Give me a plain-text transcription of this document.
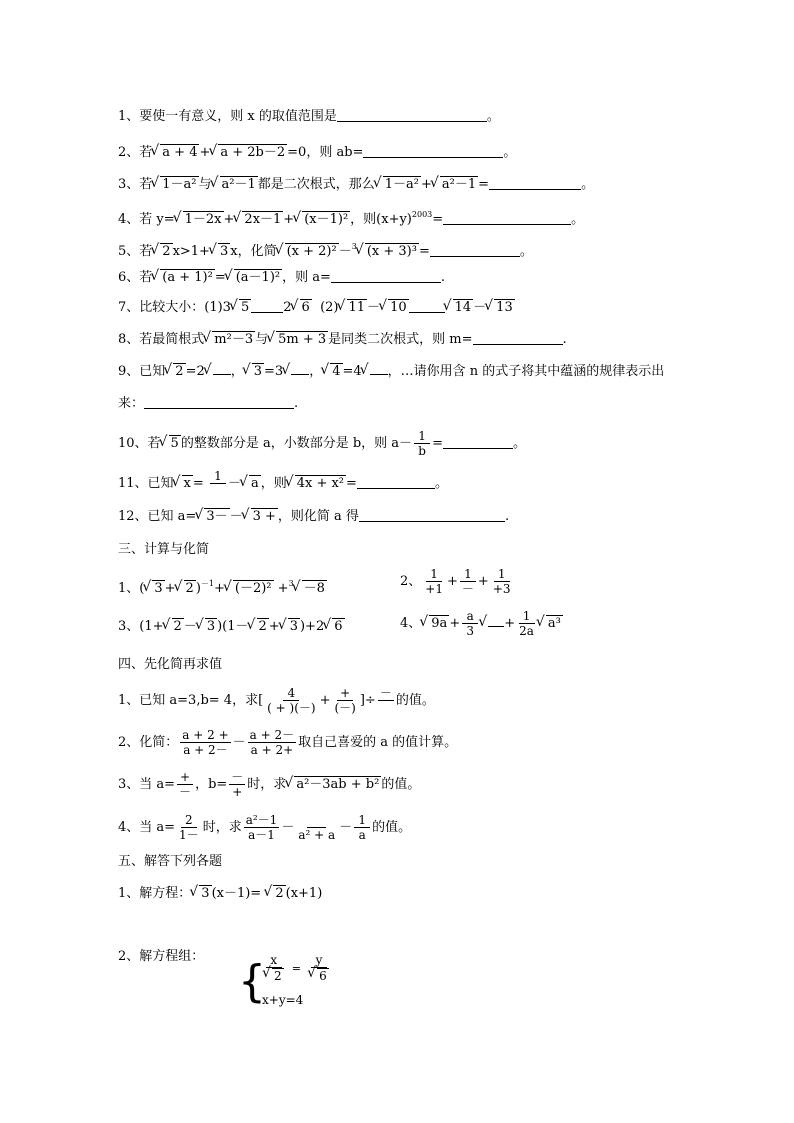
1、要使一有意义，则 x 的取值范围是	。
2、若 √ a + 4 + √ a + 2b－2 =0，则 ab=	。
3、若 √ 1－a² 与 √ a²－1 都是二次根式，那么 √ 1－a² + √ a²－1 =	。
4、若 y= √ 1－2x + √ 2x－1 + √ (x－1)² ，则$(x+y)^{2003}=$	。
5、若 √ 2 x>1+ √ 3 x，化简 √ (x + 2)² －$^3$ √ (x + 3)³ =	。
6、若 √ (a + 1)² = √ (a－1)² ，则 a=	.
7、比较大小：(1)3 √ 5	2 √ 6  (2) √ 11 － √ 10	√ 14 － √ 13
8、若最简根式 √ m²－3 与 √ 5m + 3 是同类二次根式，则 m=	.
9、已知 √ 2 =2 √ ， √ 3 =3 √ ， √ 4 =4 √ ，…请你用含 n 的式子将其中蕴涵的规律表示出
来：	.
10、若 √ 5 的整数部分是 a，小数部分是 b，则 $a- \frac{1}{b}$ =	。
11、已知 √ x = 1
－ √ a ，则 √ 4x + x² =	。
12、已知 a= √ 3－ － √ 3 + ，则化简 a 得	.
三、计算与化简
1、( √ 3 + √ 2 )$^{-1}$+ √ (－2)² +$^3$ √ －8	2、 $\frac{1}{+1} + \frac{1}{-} + \frac{1}{+3}$
3、(1+ √ 2 － √ 3 )(1－ √ 2 + √ 3 )+2 √ 6	4、 √ $9a + \frac{a}{3}$ √ + $\frac{1}{2a}$ √ a³
四、先化简再求值
1、已知 a=3,b= 4，求[ $\frac{4}{( + )(-)} + \frac{+}{(-)}$ ]÷ －
的值。
2、化简： $\frac{a + 2 +}{a + 2-} - \frac{a + 2-}{a + 2+}$ 取自己喜爱的 a 的值计算。
3、当 $a= \frac{+}{-}$ ，$b= \frac{-}{+}$ 时，求 √ a²－3ab + b² 的值。
4、当 $a= \frac{2}{1-}$ 时，求 $\frac{\text{a²－1}}{a-1}$ －
$a^2 + a - \frac{1}{a}$ 的值。
五、解答下列各题
1、解方程： √ 3 (x－1)= √ 2 (x+1)
2、解方程组： {
x
√ 2 = y
√ 6
x+y=4
